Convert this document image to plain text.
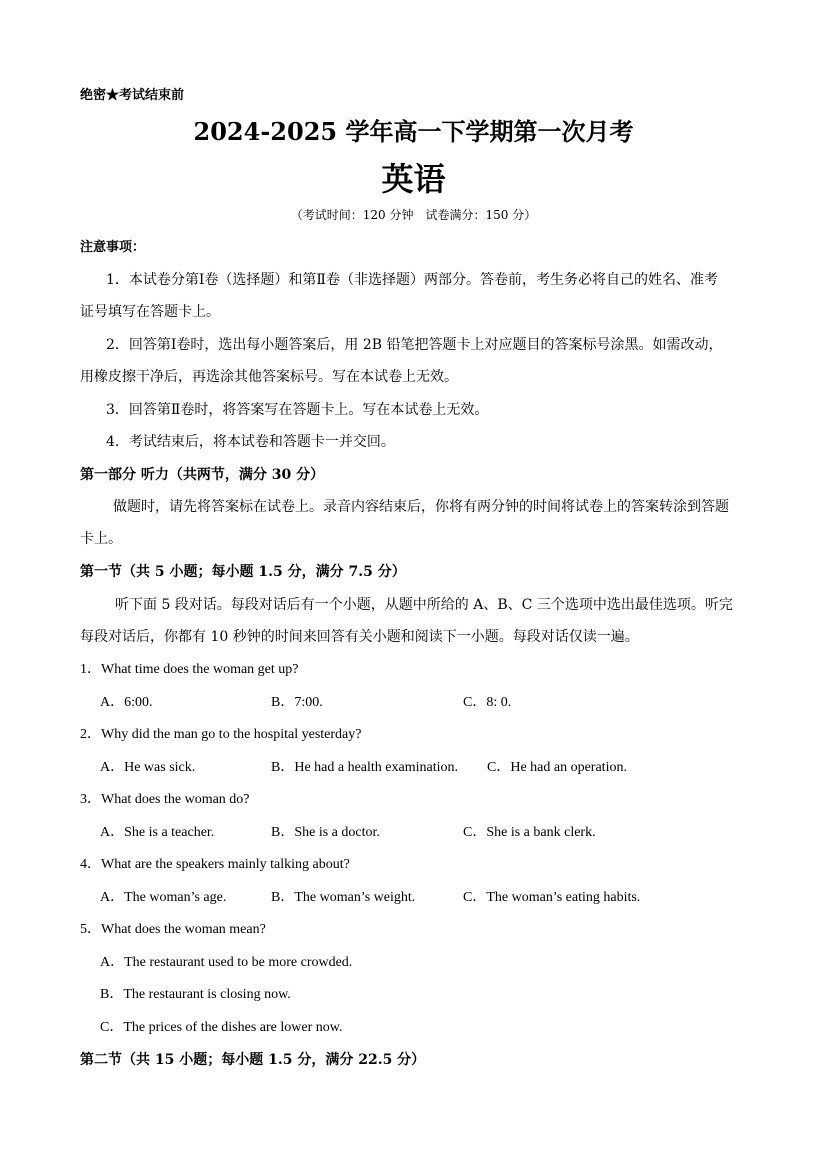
绝密★考试结束前
2024-2025 学年高一下学期第一次月考
英语
（考试时间：120 分钟　试卷满分：150 分）
注意事项：
1．本试卷分第Ⅰ卷（选择题）和第Ⅱ卷（非选择题）两部分。答卷前，考生务必将自己的姓名、准考
证号填写在答题卡上。
2．回答第Ⅰ卷时，选出每小题答案后，用 2B 铅笔把答题卡上对应题目的答案标号涂黑。如需改动，
用橡皮擦干净后，再选涂其他答案标号。写在本试卷上无效。
3．回答第Ⅱ卷时，将答案写在答题卡上。写在本试卷上无效。
4．考试结束后，将本试卷和答题卡一并交回。
第一部分 听力（共两节，满分 30 分）
做题时，请先将答案标在试卷上。录音内容结束后，你将有两分钟的时间将试卷上的答案转涂到答题
卡上。
第一节（共 5 小题；每小题 1.5 分，满分 7.5 分）
听下面 5 段对话。每段对话后有一个小题，从题中所给的 A、B、C 三个选项中选出最佳选项。听完
每段对话后，你都有 10 秒钟的时间来回答有关小题和阅读下一小题。每段对话仅读一遍。
1．What time does the woman get up?
A．6:00.	B．7:00.	C．8: 0.
2．Why did the man go to the hospital yesterday?
A．He was sick.	B．He had a health examination. C．He had an operation.
3．What does the woman do?
A．She is a teacher.	B．She is a doctor.	C．She is a bank clerk.
4．What are the speakers mainly talking about?
A．The woman’s age.	B．The woman’s weight.	C．The woman’s eating habits.
5．What does the woman mean?
A．The restaurant used to be more crowded.
B．The restaurant is closing now.
C．The prices of the dishes are lower now.
第二节（共 15 小题；每小题 1.5 分，满分 22.5 分）
